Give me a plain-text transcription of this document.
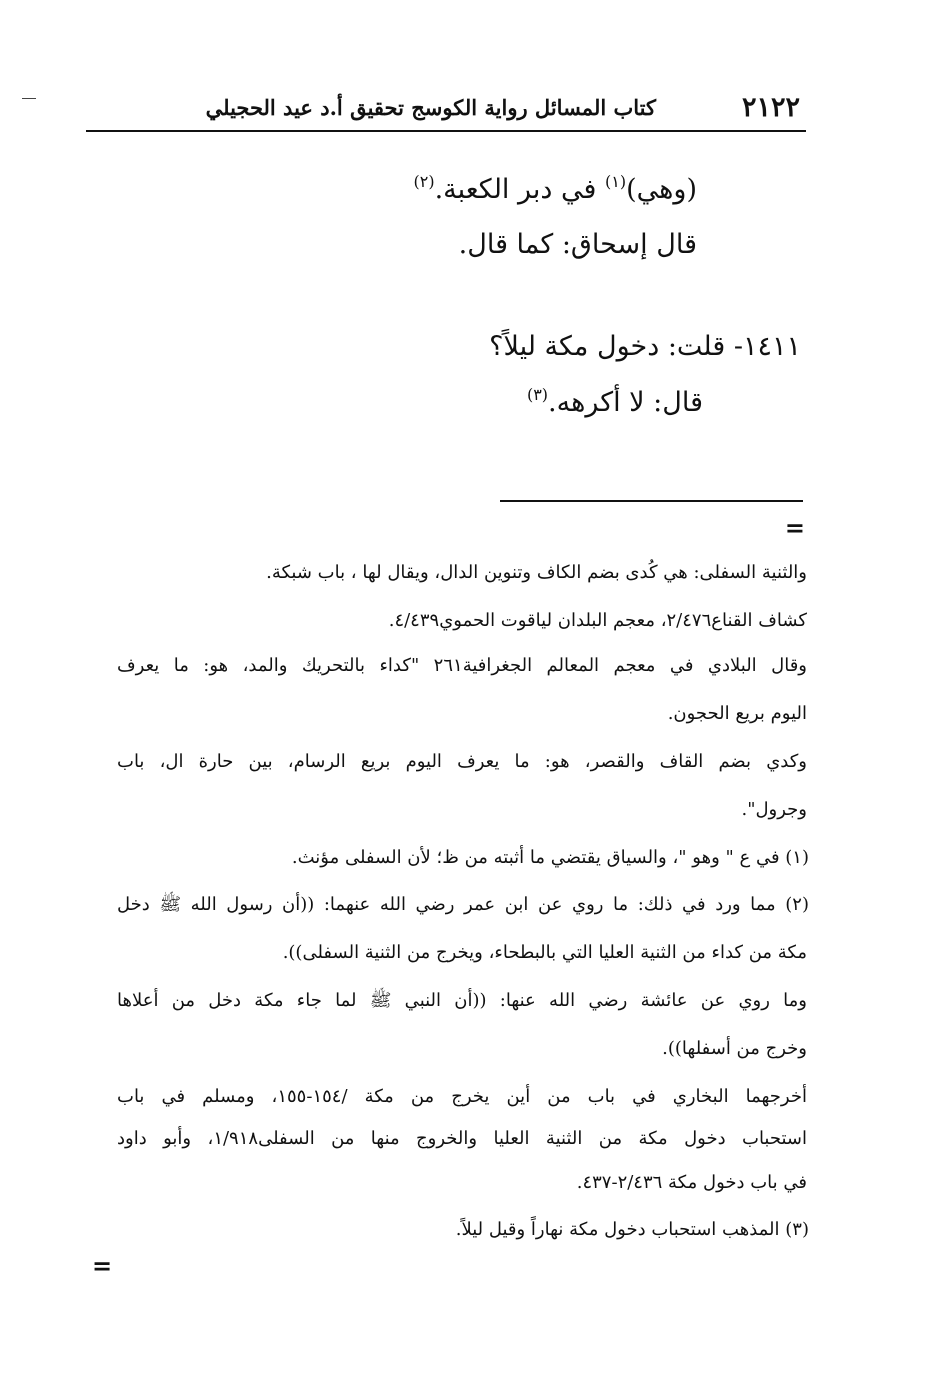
٢١٢٢
كتاب المسائل رواية الكوسج تحقيق أ.د عيد الحجيلي
(وهي)$^{(١)}$ في دبر الكعبة.$^{(٢)}$
قال إسحاق: كما قال.
١٤١١- قلت: دخول مكة ليلاً؟
قال: لا أكرهه.$^{(٣)}$
=
والثنية السفلى: هي كُدى بضم الكاف وتنوين الدال، ويقال لها ، باب شبكة.
كشاف القناع٢/٤٧٦، معجم البلدان لياقوت الحموي٤/٤٣٩.
وقال البلادي في معجم المعالم الجغرافية٢٦١ "كداء بالتحريك والمد، هو: ما يعرف
اليوم بريع الحجون.
وكدي بضم القاف والقصر، هو: ما يعرف اليوم بريع الرسام، بين حارة ال، باب
وجرول".
(١) في ع " وهو "، والسياق يقتضي ما أثبته من ظ؛ لأن السفلى مؤنث.
(٢) مما ورد في ذلك: ما روي عن ابن عمر رضي الله عنهما: ((أن رسول الله ﷺ دخل
مكة من كداء من الثنية العليا التي بالبطحاء، ويخرج من الثنية السفلى)).
وما روي عن عائشة رضي الله عنها: ((أن النبي ﷺ لما جاء مكة دخل من أعلاها
وخرج من أسفلها)).
أخرجهما البخاري في باب من أين يخرج من مكة /١٥٤-١٥٥، ومسلم في باب
استحباب دخول مكة من الثنية العليا والخروج منها من السفلى١/٩١٨، وأبو داود
في باب دخول مكة ٢/٤٣٦-٤٣٧.
(٣) المذهب استحباب دخول مكة نهاراً وقيل ليلاً.
=
